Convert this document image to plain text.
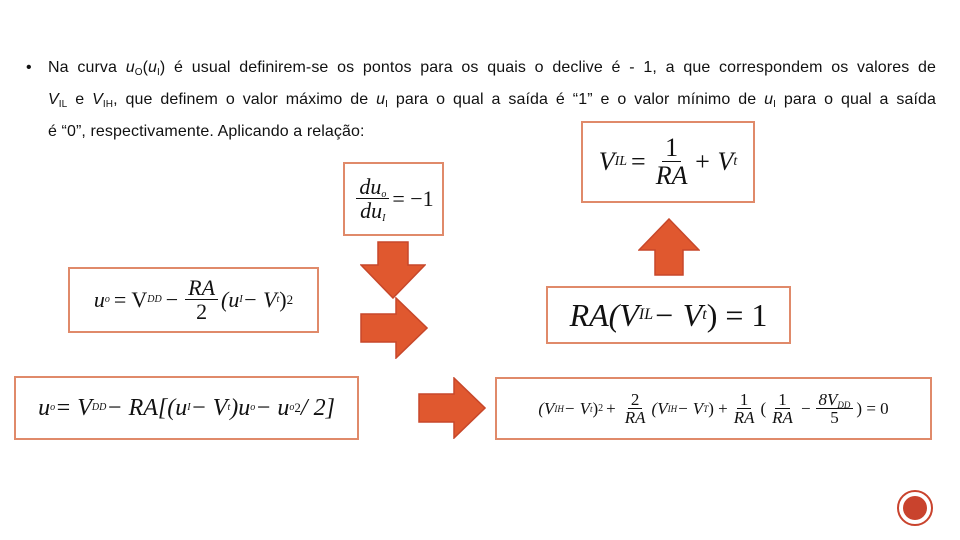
• Na curva $u_O(u_I)$ é usual definirem-se os pontos para os quais o declive é - 1, a que correspondem os valores de
$V_{IL}$ e $V_{IH}$, que definem o valor máximo de $u_I$ para o qual a saída é “1” e o valor mínimo de $u_I$ para o qual a saída
é “0”, respectivamente. Aplicando a relação:
$\frac{du_o}{du_I} = -1$
u o = V DD − $\frac{RA}{2} (u$ I − V t ) 2
u o = V DD − RA[(u I − V t )u o − u o 2 / 2]
V IL = $\frac{1}{RA} + V$ t
RA(V IL − V t ) = 1
(V IH − V t ) $2 + \frac{2}{RA} (V$ IH − V T ) + $\frac{1}{RA}$ ( $\frac{1}{RA} - \frac{8V_{DD}}{5}$ ) = 0
